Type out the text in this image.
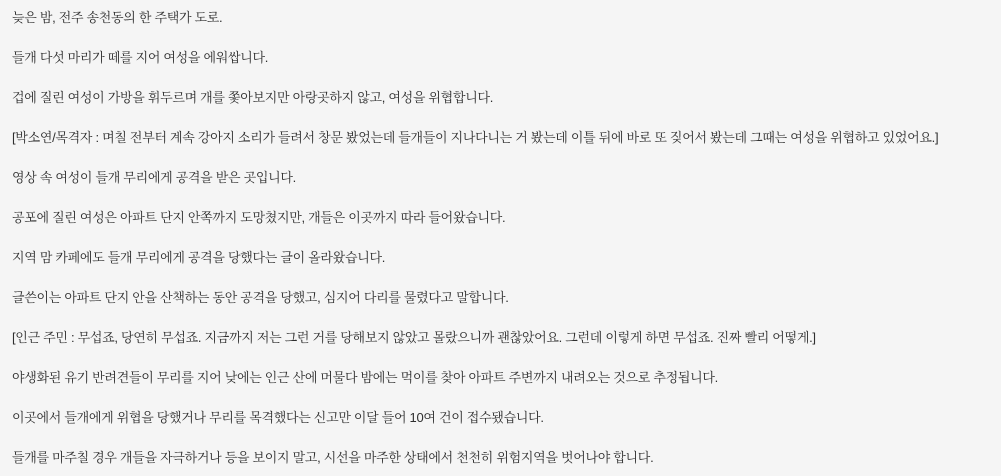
늦은 밤, 전주 송천동의 한 주택가 도로.

들개 다섯 마리가 떼를 지어 여성을 에워쌉니다.

겁에 질린 여성이 가방을 휘두르며 개를 쫓아보지만 아랑곳하지 않고, 여성을 위협합니다.

[박소연/목격자 : 며칠 전부터 계속 강아지 소리가 들려서 창문 봤었는데 들개들이 지나다니는 거 봤는데 이틀 뒤에 바로 또 짖어서 봤는데 그때는 여성을 위협하고 있었어요.]

영상 속 여성이 들개 무리에게 공격을 받은 곳입니다.

공포에 질린 여성은 아파트 단지 안쪽까지 도망쳤지만, 개들은 이곳까지 따라 들어왔습니다.

지역 맘 카페에도 들개 무리에게 공격을 당했다는 글이 올라왔습니다.

글쓴이는 아파트 단지 안을 산책하는 동안 공격을 당했고, 심지어 다리를 물렸다고 말합니다.

[인근 주민 : 무섭죠, 당연히 무섭죠. 지금까지 저는 그런 거를 당해보지 않았고 몰랐으니까 괜찮았어요. 그런데 이렇게 하면 무섭죠. 진짜 빨리 어떻게.]

야생화된 유기 반려견들이 무리를 지어 낮에는 인근 산에 머물다 밤에는 먹이를 찾아 아파트 주변까지 내려오는 것으로 추정됩니다.

이곳에서 들개에게 위협을 당했거나 무리를 목격했다는 신고만 이달 들어 10여 건이 접수됐습니다.

들개를 마주칠 경우 개들을 자극하거나 등을 보이지 말고, 시선을 마주한 상태에서 천천히 위험지역을 벗어나야 합니다.
